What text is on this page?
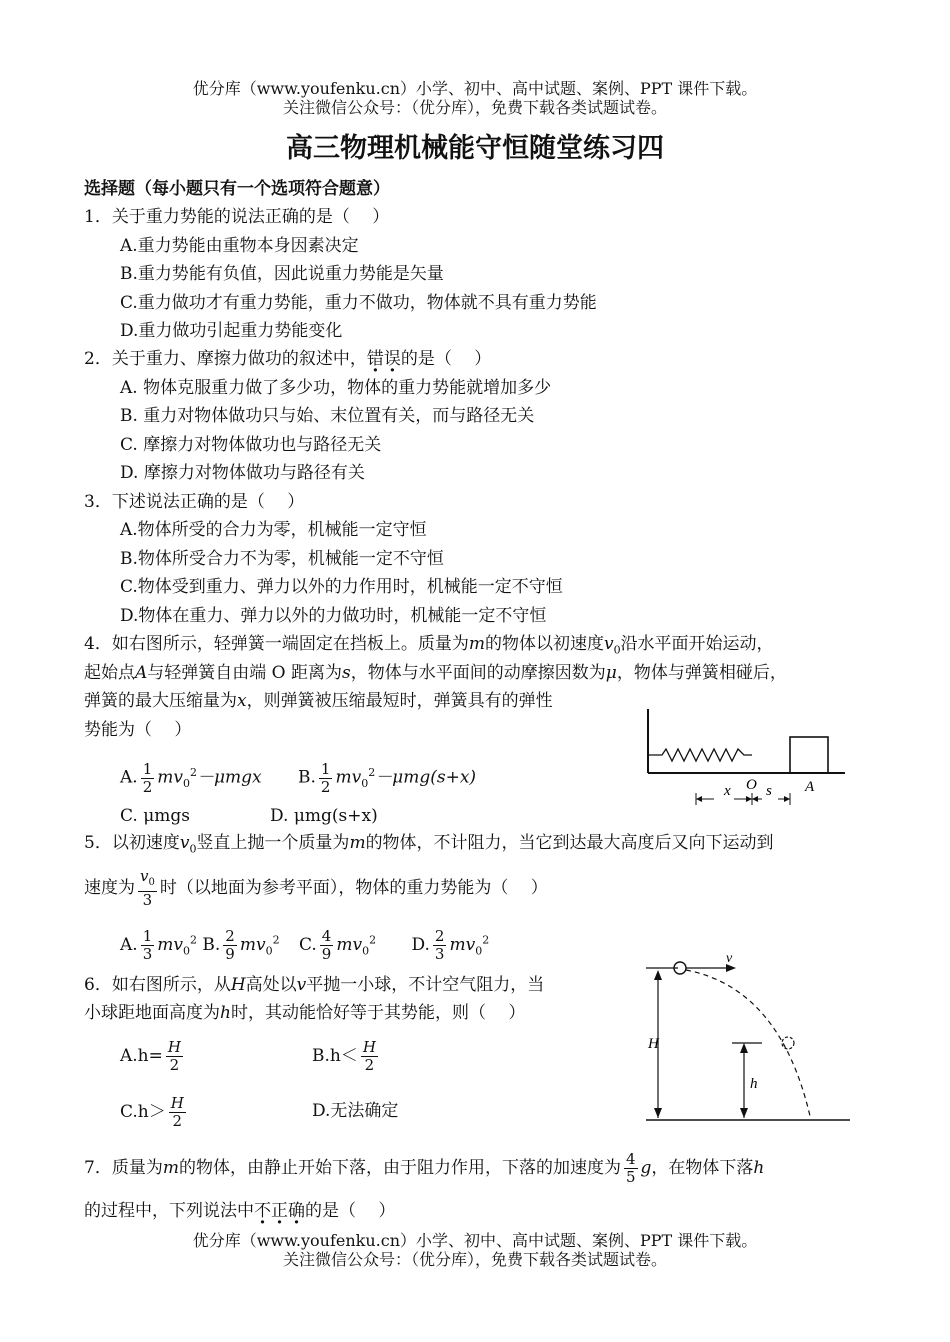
优分库（www.youfenku.cn）小学、初中、高中试题、案例、PPT 课件下载。
关注微信公众号：（优分库），免费下载各类试题试卷。
高三物理机械能守恒随堂练习四
选择题（每小题只有一个选项符合题意）
1．关于重力势能的说法正确的是（　 ）
A.重力势能由重物本身因素决定
B.重力势能有负值，因此说重力势能是矢量
C.重力做功才有重力势能，重力不做功，物体就不具有重力势能
D.重力做功引起重力势能变化
2．关于重力、摩擦力做功的叙述中，错误的是（　 ）
A. 物体克服重力做了多少功，物体的重力势能就增加多少
B. 重力对物体做功只与始、末位置有关，而与路径无关
C. 摩擦力对物体做功也与路径无关
D. 摩擦力对物体做功与路径有关
3．下述说法正确的是（　 ）
A.物体所受的合力为零，机械能一定守恒
B.物体所受合力不为零，机械能一定不守恒
C.物体受到重力、弹力以外的力作用时，机械能一定不守恒
D.物体在重力、弹力以外的力做功时，机械能一定不守恒
4．如右图所示，轻弹簧一端固定在挡板上。质量为m的物体以初速度$v_0$沿水平面开始运动，
起始点A与轻弹簧自由端 O 距离为s，物体与水平面间的动摩擦因数为μ，物体与弹簧相碰后，
弹簧的最大压缩量为x，则弹簧被压缩最短时，弹簧具有的弹性
势能为（　 ）
A. $\frac{1}{2} mv_0^2-\mu mgx$ B. $\frac{1}{2} mv_0^2-\mu mg(s+x)$
C. μmgs	D. μmg(s+x)
x O s A
5．以初速度$v_0$竖直上抛一个质量为m的物体，不计阻力，当它到达最大高度后又向下运动到
速度为 $\frac{v_0}{3}$ 时（以地面为参考平面），物体的重力势能为（　 ）
A. $\frac{1}{3} mv_0^2$ B. $\frac{2}{9} mv_0^2$ C. $\frac{4}{9} mv_0^2$ D. $\frac{2}{3} mv_0^2$
6．如右图所示，从H高处以v平抛一小球，不计空气阻力，当
小球距地面高度为h时，其动能恰好等于其势能，则（　 ）
$A.h= \frac{H}{2}$	$B.h< \frac{H}{2}$
$C.h> \frac{H}{2}$	D.无法确定
v
H
h
7．质量为m的物体，由静止开始下落，由于阻力作用，下落的加速度为 $\frac{4}{5}$ g，在物体下落h
的过程中，下列说法中不正确的是（　 ）
优分库（www.youfenku.cn）小学、初中、高中试题、案例、PPT 课件下载。
关注微信公众号：（优分库），免费下载各类试题试卷。
